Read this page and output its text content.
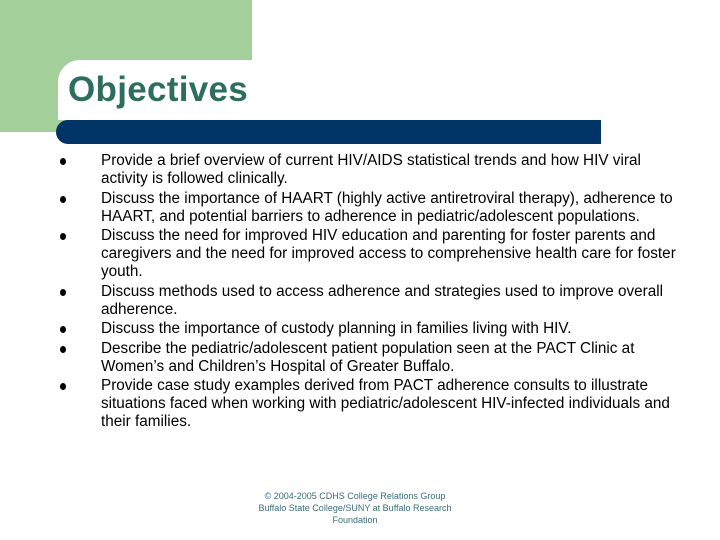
Objectives
Provide a brief overview of current HIV/AIDS statistical trends and how HIV viral activity is followed clinically.
Discuss the importance of HAART (highly active antiretroviral therapy), adherence to HAART, and potential barriers to adherence in pediatric/adolescent populations.
Discuss the need for improved HIV education and parenting for foster parents and caregivers and the need for improved access to comprehensive health care for foster youth.
Discuss methods used to access adherence and strategies used to improve overall adherence.
Discuss the importance of custody planning in families living with HIV.
Describe the pediatric/adolescent patient population seen at the PACT Clinic at Women’s and Children’s Hospital of Greater Buffalo.
Provide case study examples derived from PACT adherence consults to illustrate situations faced when working with pediatric/adolescent HIV-infected individuals and their families.
© 2004-2005 CDHS College Relations Group
Buffalo State College/SUNY at Buffalo Research
Foundation
